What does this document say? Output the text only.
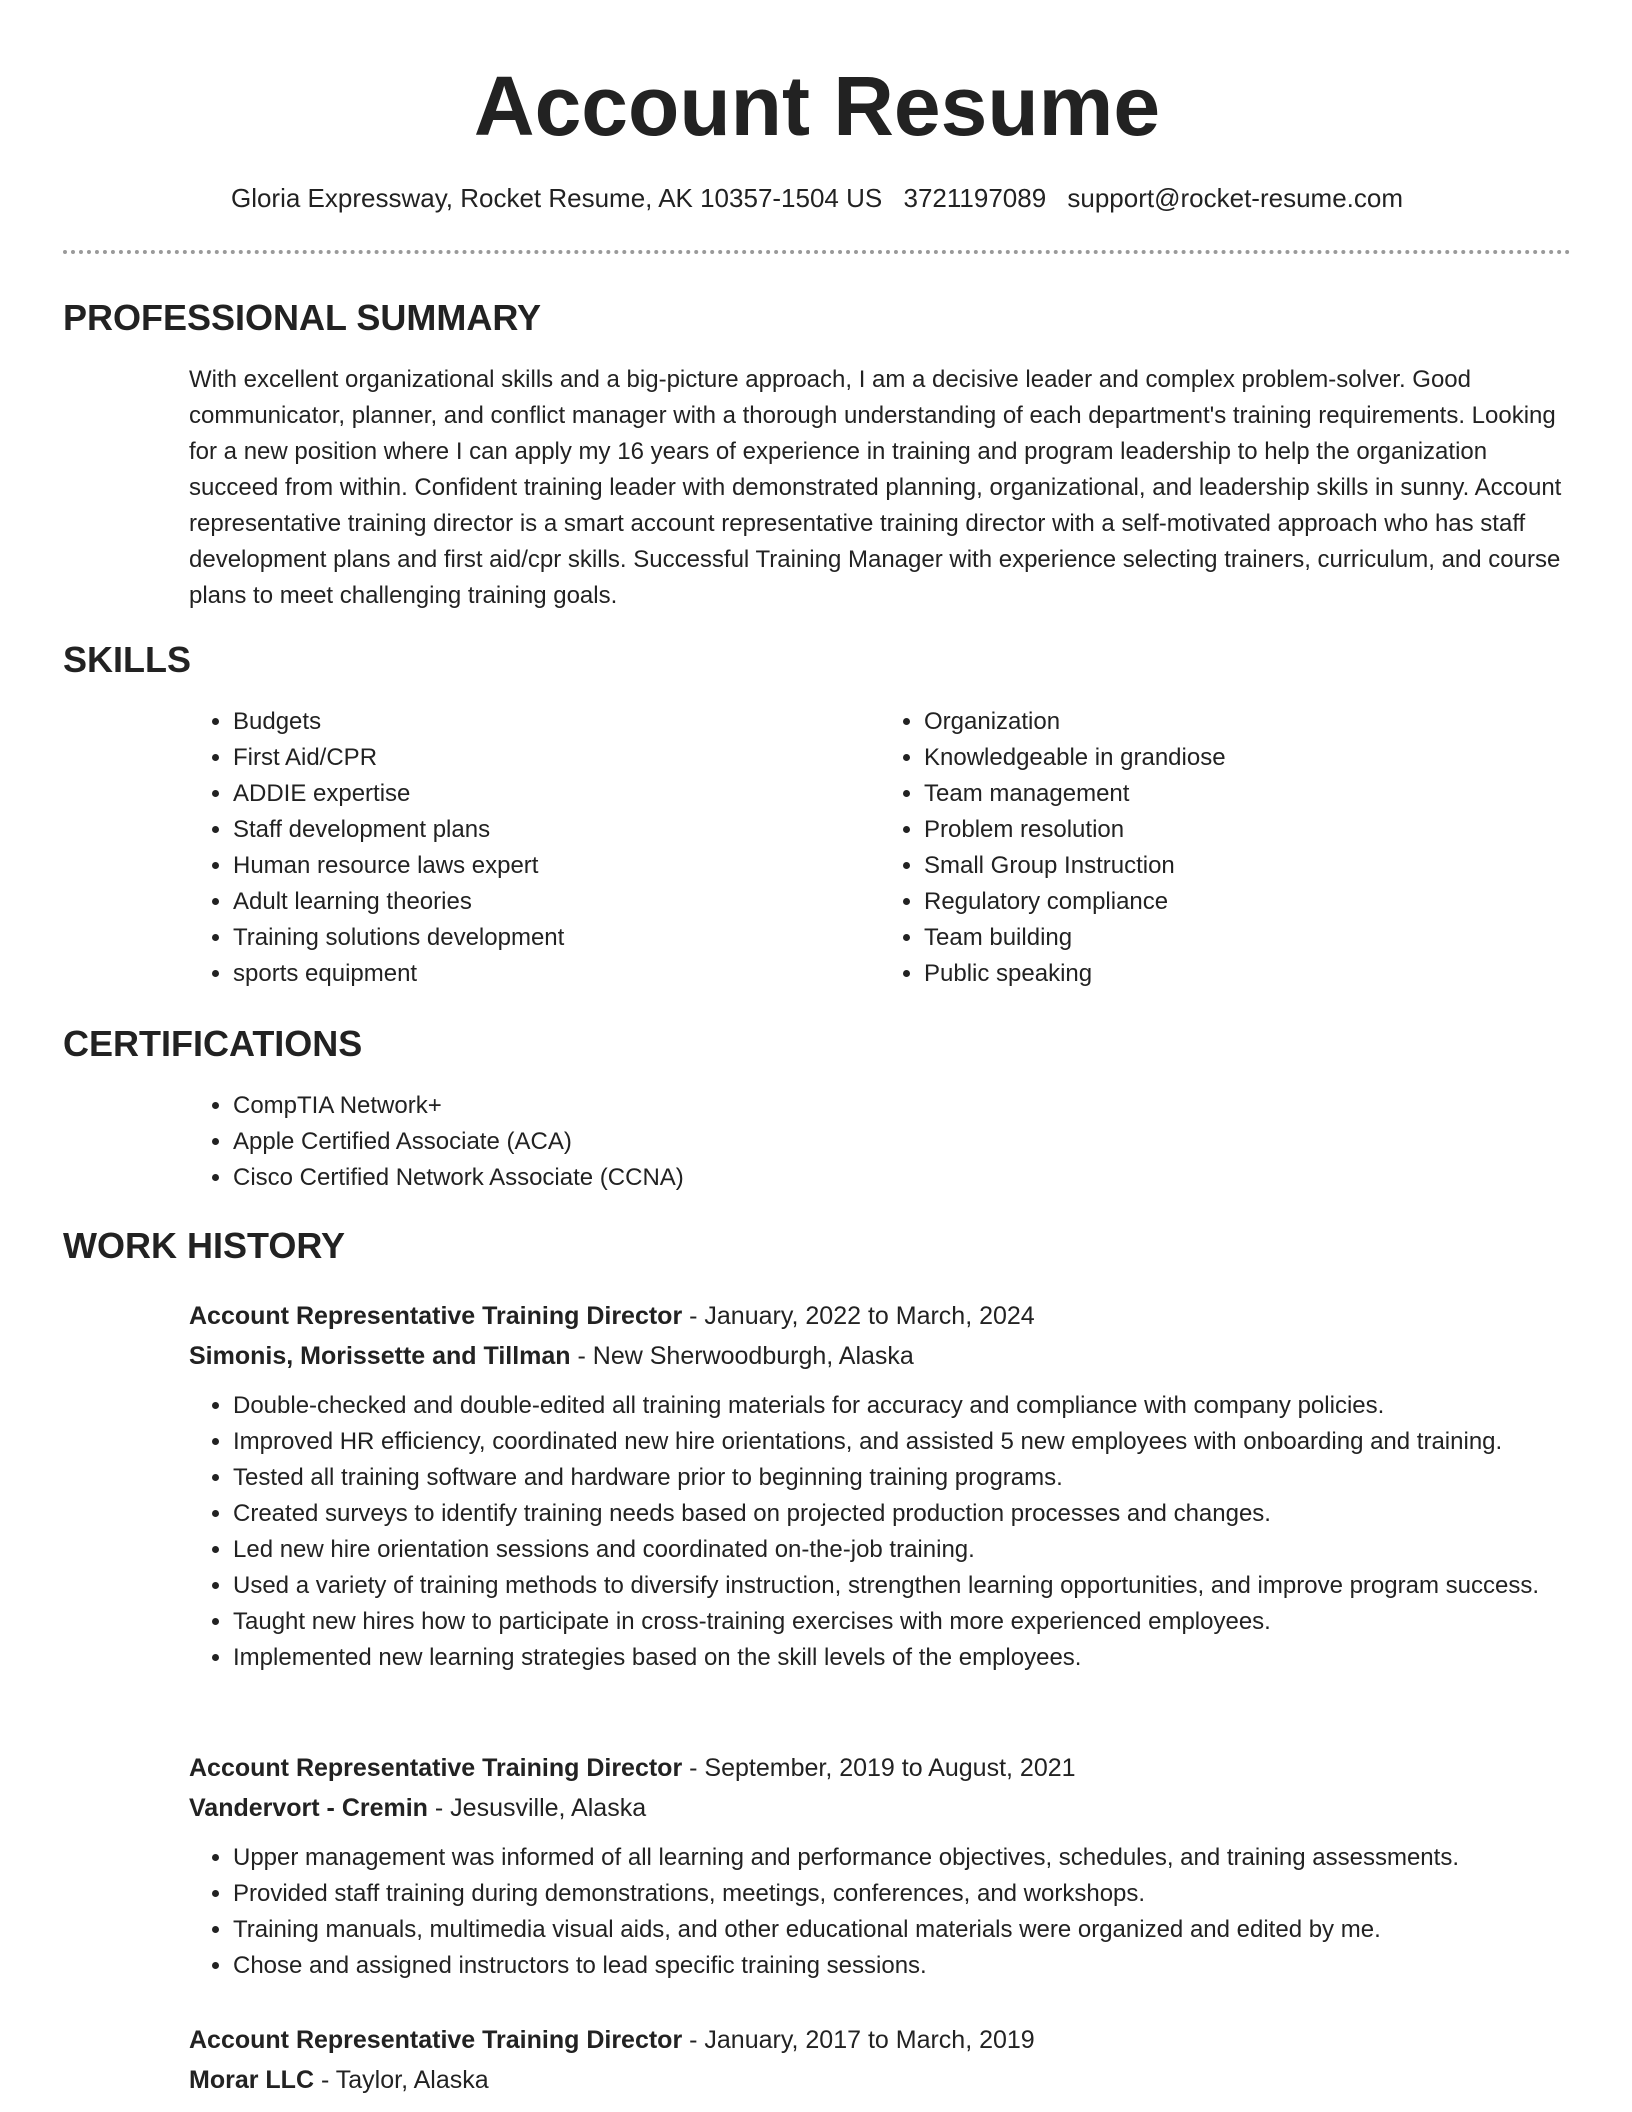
Account Resume
Gloria Expressway, Rocket Resume, AK 10357-1504 US 3721197089 support@rocket-resume.com
PROFESSIONAL SUMMARY

With excellent organizational skills and a big-picture approach, I am a decisive leader and complex problem-solver. Good communicator, planner, and conflict manager with a thorough understanding of each department's training requirements. Looking for a new position where I can apply my 16 years of experience in training and program leadership to help the organization succeed from within. Confident training leader with demonstrated planning, organizational, and leadership skills in sunny. Account representative training director is a smart account representative training director with a self-motivated approach who has staff development plans and first aid/cpr skills. Successful Training Manager with experience selecting trainers, curriculum, and course plans to meet challenging training goals.

SKILLS
• Budgets
• First Aid/CPR
• ADDIE expertise
• Staff development plans
• Human resource laws expert
• Adult learning theories
• Training solutions development
• sports equipment
• Organization
• Knowledgeable in grandiose
• Team management
• Problem resolution
• Small Group Instruction
• Regulatory compliance
• Team building
• Public speaking
CERTIFICATIONS
• CompTIA Network+
• Apple Certified Associate (ACA)
• Cisco Certified Network Associate (CCNA)
WORK HISTORY

Account Representative Training Director - January, 2022 to March, 2024

Simonis, Morissette and Tillman - New Sherwoodburgh, Alaska

• Double-checked and double-edited all training materials for accuracy and compliance with company policies.
• Improved HR efficiency, coordinated new hire orientations, and assisted 5 new employees with onboarding and training.
• Tested all training software and hardware prior to beginning training programs.
• Created surveys to identify training needs based on projected production processes and changes.
• Led new hire orientation sessions and coordinated on-the-job training.
• Used a variety of training methods to diversify instruction, strengthen learning opportunities, and improve program success.
• Taught new hires how to participate in cross-training exercises with more experienced employees.
• Implemented new learning strategies based on the skill levels of the employees.

Account Representative Training Director - September, 2019 to August, 2021

Vandervort - Cremin - Jesusville, Alaska

• Upper management was informed of all learning and performance objectives, schedules, and training assessments.
• Provided staff training during demonstrations, meetings, conferences, and workshops.
• Training manuals, multimedia visual aids, and other educational materials were organized and edited by me.
• Chose and assigned instructors to lead specific training sessions.

Account Representative Training Director - January, 2017 to March, 2019

Morar LLC - Taylor, Alaska
